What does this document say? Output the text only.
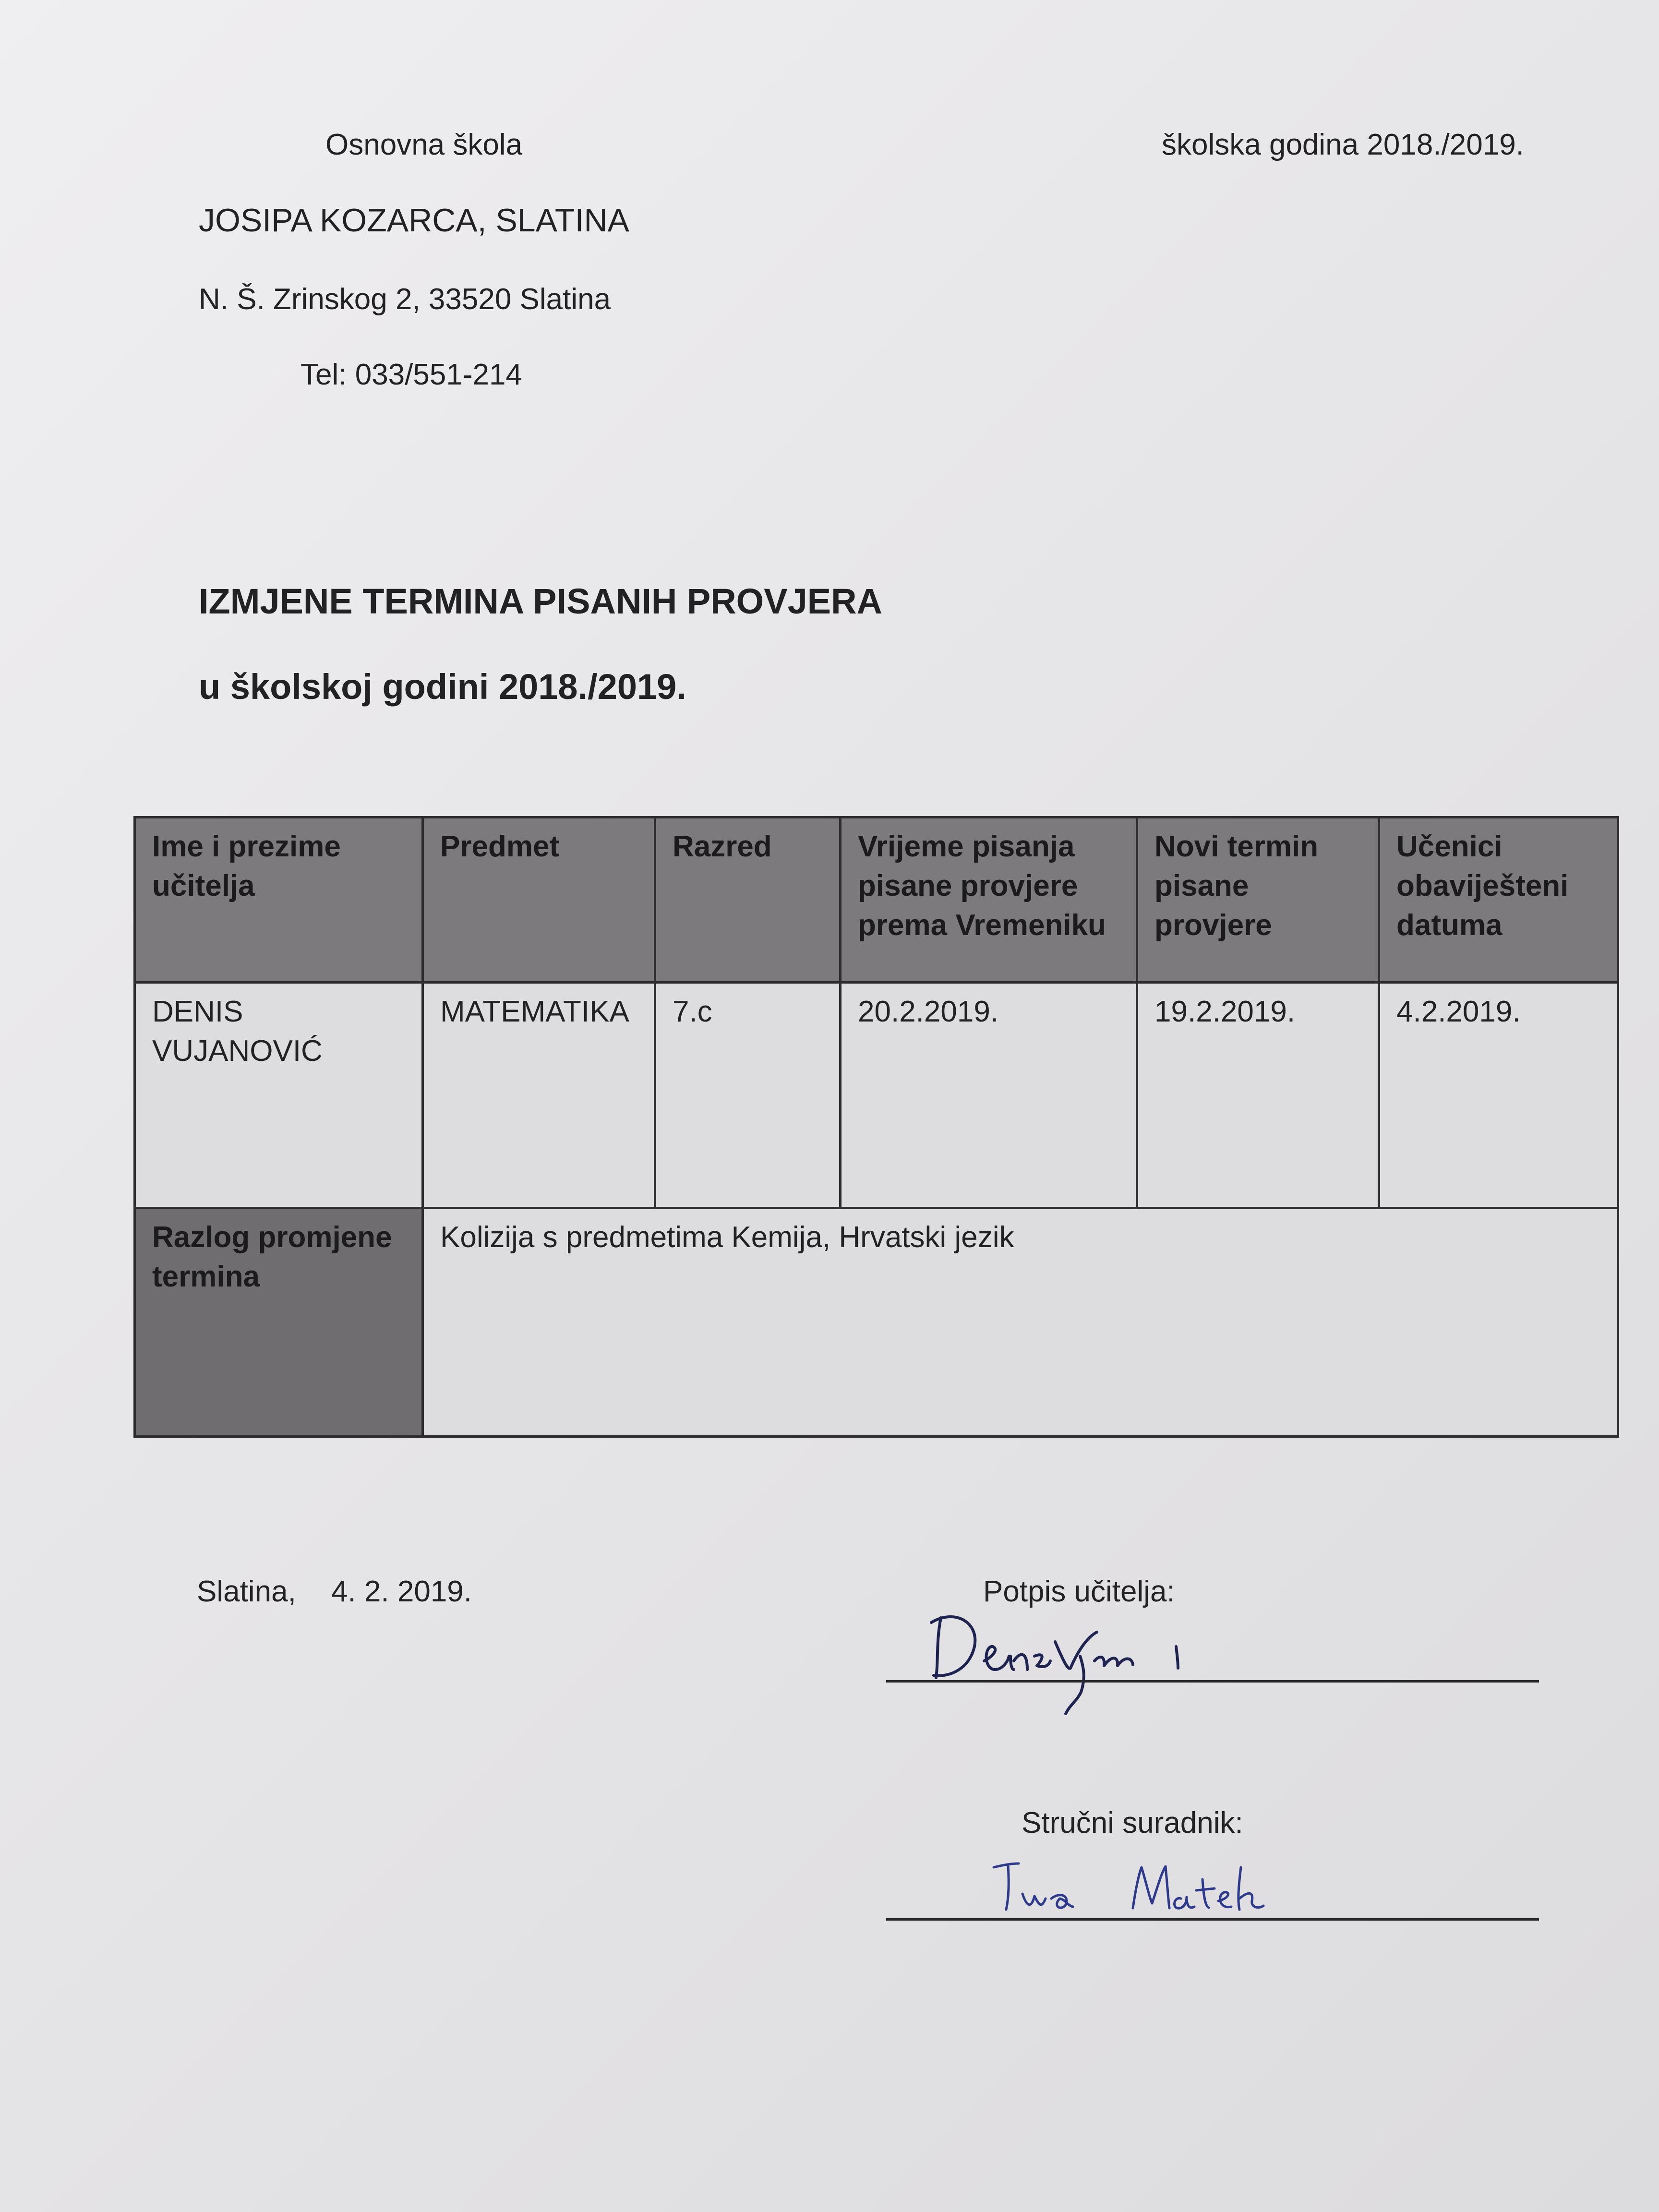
Osnovna škola	školska godina 2018./2019.
JOSIPA KOZARCA, SLATINA
N. Š. Zrinskog 2, 33520 Slatina
Tel: 033/551-214
IZMJENE TERMINA PISANIH PROVJERA
u školskoj godini 2018./2019.
Ime i prezime učitelja	Predmet	Razred	Vrijeme pisanja pisane provjere prema Vremeniku	Novi termin pisane provjere	Učenici obaviješteni datuma
DENIS VUJANOVIĆ	MATEMATIKA	7.c	20.2.2019.	19.2.2019.	4.2.2019.
Razlog promjene termina	Kolizija s predmetima Kemija, Hrvatski jezik				
Slatina, 4. 2. 2019.	Potpis učitelja:
Stručni suradnik:
